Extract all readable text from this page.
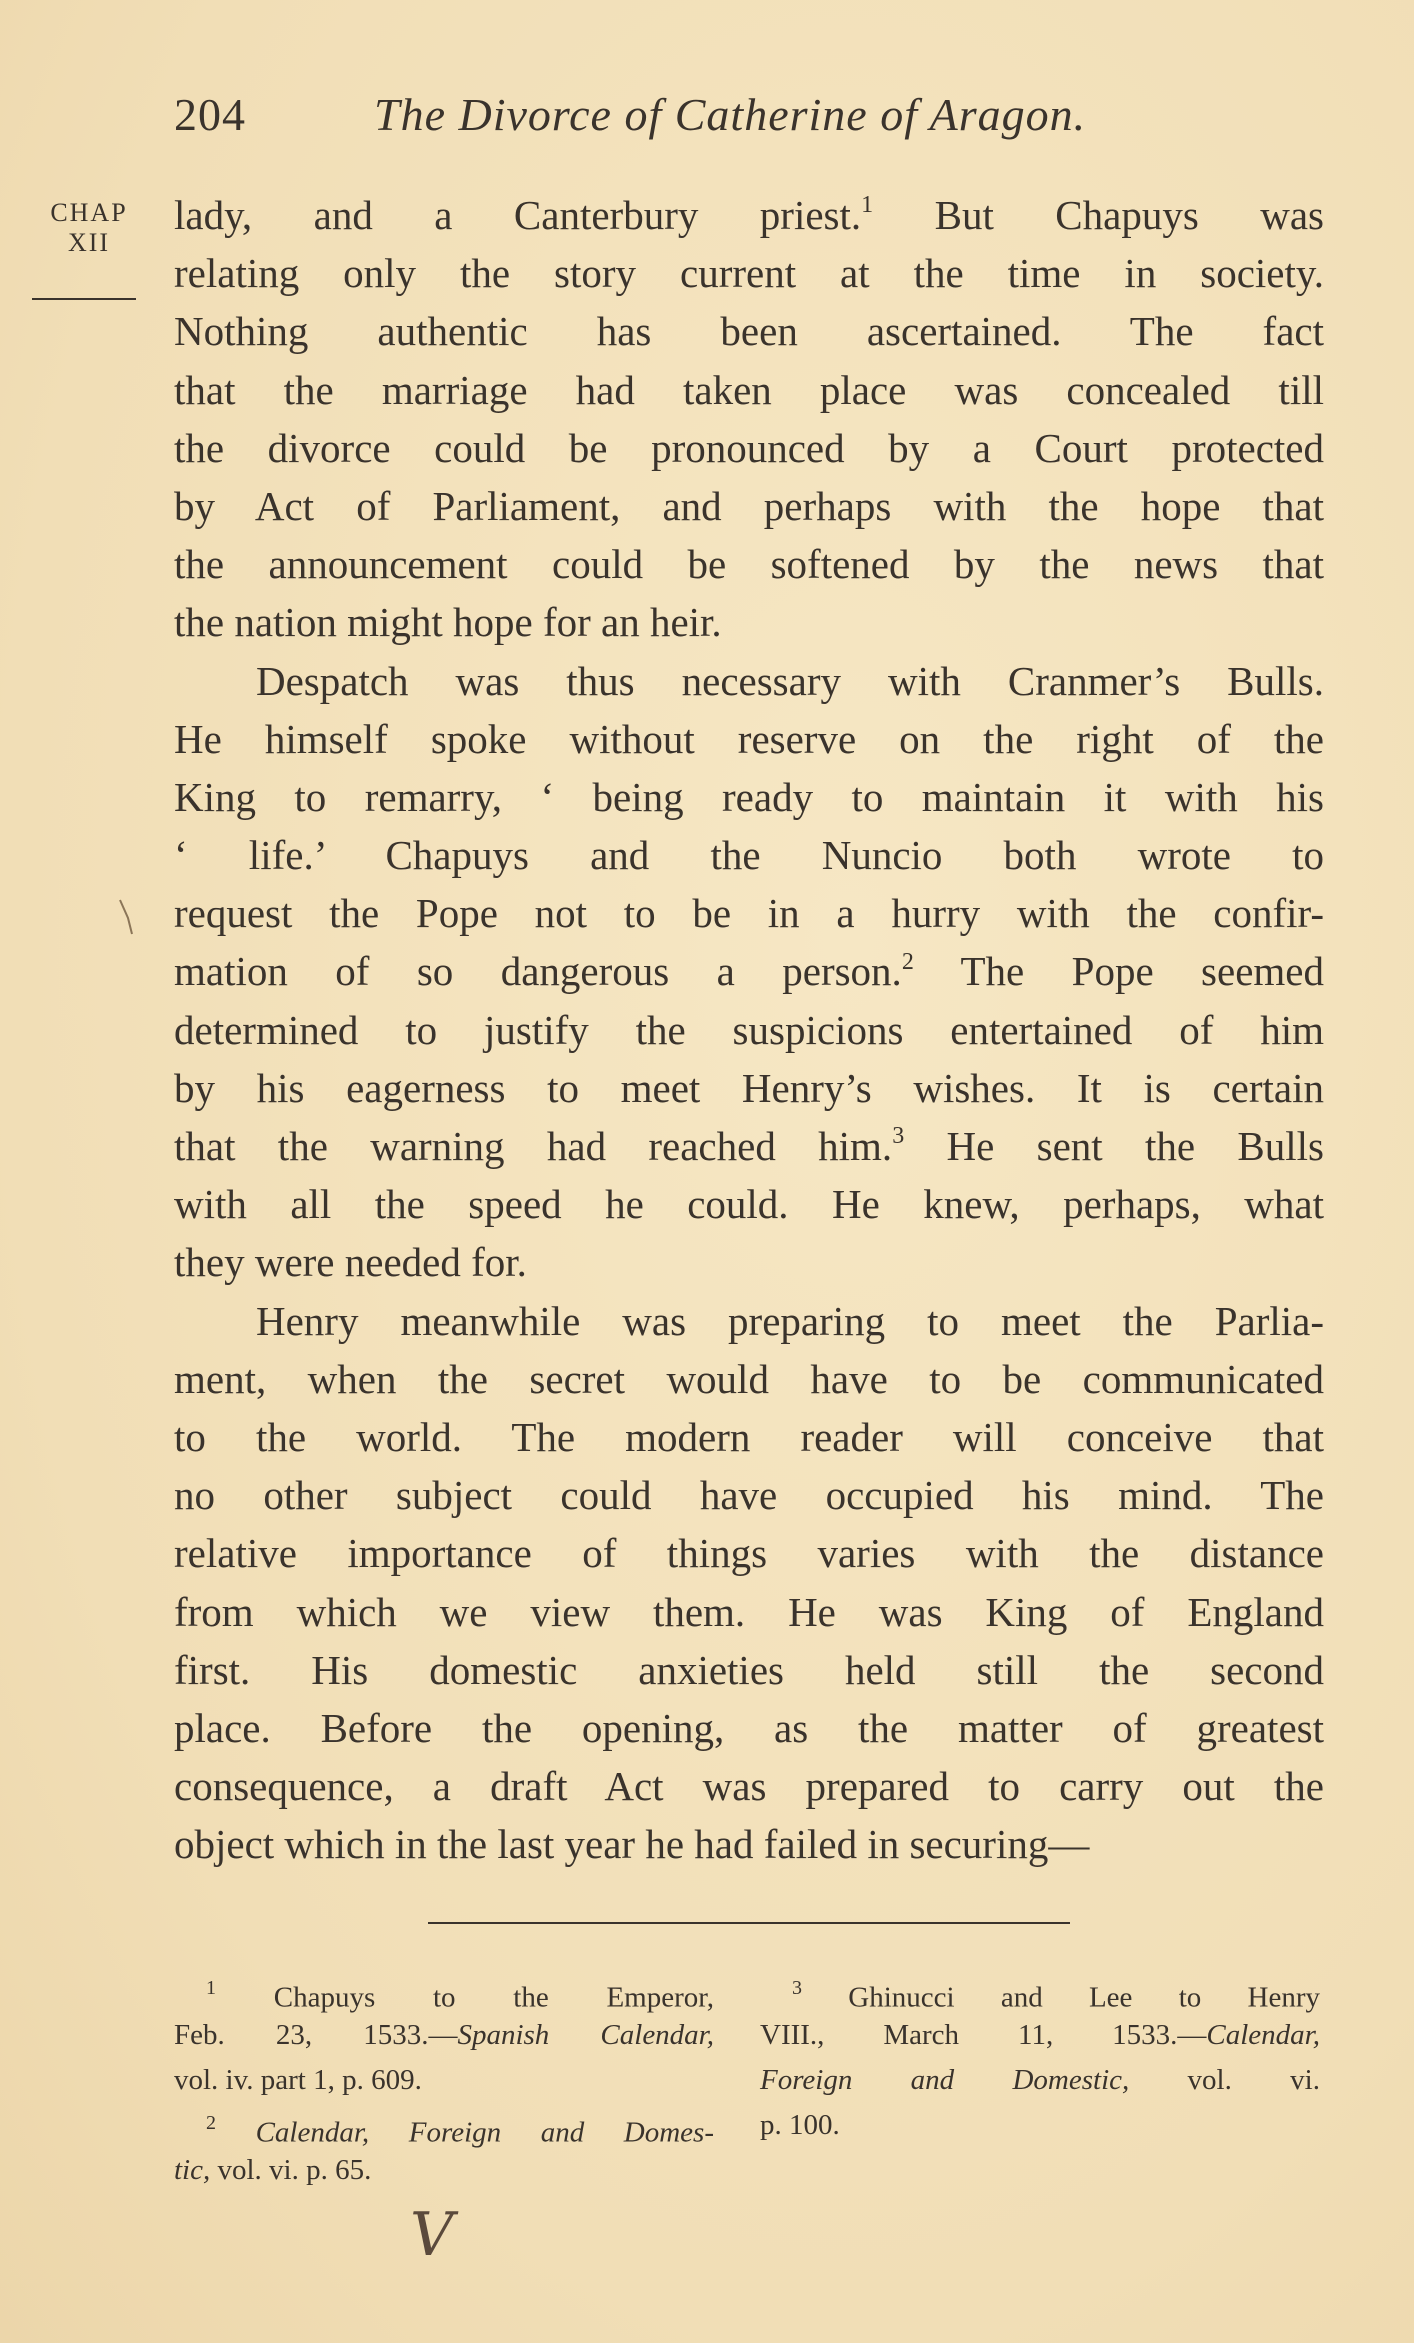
204	The Divorce of Catherine of Aragon.
CHAP
XII
lady, and a Canterbury priest.$^1$ But Chapuys was
relating only the story current at the time in society.
Nothing authentic has been ascertained. The fact
that the marriage had taken place was concealed till
the divorce could be pronounced by a Court protected
by Act of Parliament, and perhaps with the hope that
the announcement could be softened by the news that
the nation might hope for an heir.
Despatch was thus necessary with Cranmer’s Bulls.
He himself spoke without reserve on the right of the
King to remarry, ‘ being ready to maintain it with his
‘ life.’ Chapuys and the Nuncio both wrote to
request the Pope not to be in a hurry with the confir-
mation of so dangerous a person.$^2$ The Pope seemed
determined to justify the suspicions entertained of him
by his eagerness to meet Henry’s wishes. It is certain
that the warning had reached him.$^3$ He sent the Bulls
with all the speed he could. He knew, perhaps, what
they were needed for.
Henry meanwhile was preparing to meet the Parlia-
ment, when the secret would have to be communicated
to the world. The modern reader will conceive that
no other subject could have occupied his mind. The
relative importance of things varies with the distance
from which we view them. He was King of England
first. His domestic anxieties held still the second
place. Before the opening, as the matter of greatest
consequence, a draft Act was prepared to carry out the
object which in the last year he had failed in securing—
$^1$ Chapuys to the Emperor,
Feb. 23, 1533.—Spanish Calendar,
vol. iv. part 1, p. 609.
$^2$ Calendar, Foreign and Domes-
tic, vol. vi. p. 65.
$^3$ Ghinucci and Lee to Henry
VIII., March 11, 1533.—Calendar,
Foreign and Domestic, vol. vi.
p. 100.
V
